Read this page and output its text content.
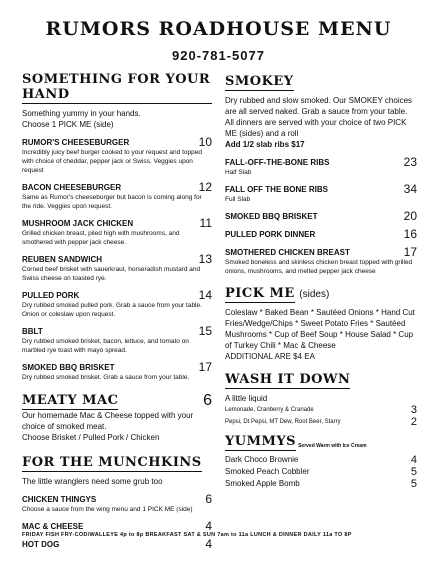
RUMORS ROADHOUSE MENU
920-781-5077
SOMETHING FOR YOUR HAND
Something yummy in your hands.
Choose 1 PICK ME (side)
RUMOR'S CHEESEBURGER	10
Incredibly juicy beef burger cooked to your request and topped with choice of cheddar, pepper jack or Swiss. Veggies upon request
BACON CHEESEBURGER	12
Same as Rumor's cheeseburger but bacon is coming along for the ride. Veggies upon request.
MUSHROOM JACK CHICKEN	11
Grilled chicken breast, piled high with mushrooms, and smothered with pepper jack cheese.
REUBEN SANDWICH	13
Corned beef brisket with sauerkraut, horseradish mustard and Swiss cheese on toasted rye.
PULLED PORK	14
Dry rubbed smoked pulled pork. Grab a sauce from your table. Onion or coleslaw upon request.
BBLT	15
Dry rubbed smoked brisket, bacon, lettuce, and tomato on marbled rye toast with mayo spread.
SMOKED BBQ BRISKET	17
Dry rubbed smoked brisket. Grab a sauce from your table.
MEATY MAC	6
Our homemade Mac & Cheese topped with your choice of smoked meat.
Choose Brisket / Pulled Pork / Chicken
FOR THE MUNCHKINS
The little wranglers need some grub too
CHICKEN THINGYS	6
Choose a sauce from the wing menu and 1 PICK ME (side)
MAC & CHEESE	4
HOT DOG	4
SMOKEY
Dry rubbed and slow smoked. Our SMOKEY choices are all served naked. Grab a sauce from your table. All dinners are served with your choice of two PICK ME (sides) and a roll
Add 1/2 slab ribs $17
FALL-OFF-THE-BONE RIBS	23
Half Slab
FALL OFF THE BONE RIBS	34
Full Slab
SMOKED BBQ BRISKET	20
PULLED PORK DINNER	16
SMOTHERED CHICKEN BREAST	17
Smoked boneless and skinless chicken breast topped with grilled onions, mushrooms, and melted pepper jack cheese
PICK ME (sides)
Coleslaw * Baked Bean * Sautéed Onions * Hand Cut Fries/Wedge/Chips * Sweet Potato Fries * Sautéed Mushrooms * Cup of Beef Soup * House Salad * Cup of Turkey Chili * Mac & Cheese
ADDITIONAL ARE $4 EA
WASH IT DOWN
A little liquid
Lemonade, Cranberry & Cranade	3
Pepsi, Dt Pepsi, MT Dew, Root Beer, Starry	2
YUMMYS Served Warm with Ice Cream
Dark Choco Brownie	4
Smoked Peach Cobbler	5
Smoked Apple Bomb	5
FRIDAY FISH FRY-COD/WALLEYE 4p to 8p BREAKFAST SAT & SUN 7am to 11a LUNCH & DINNER DAILY 11a TO 8P
